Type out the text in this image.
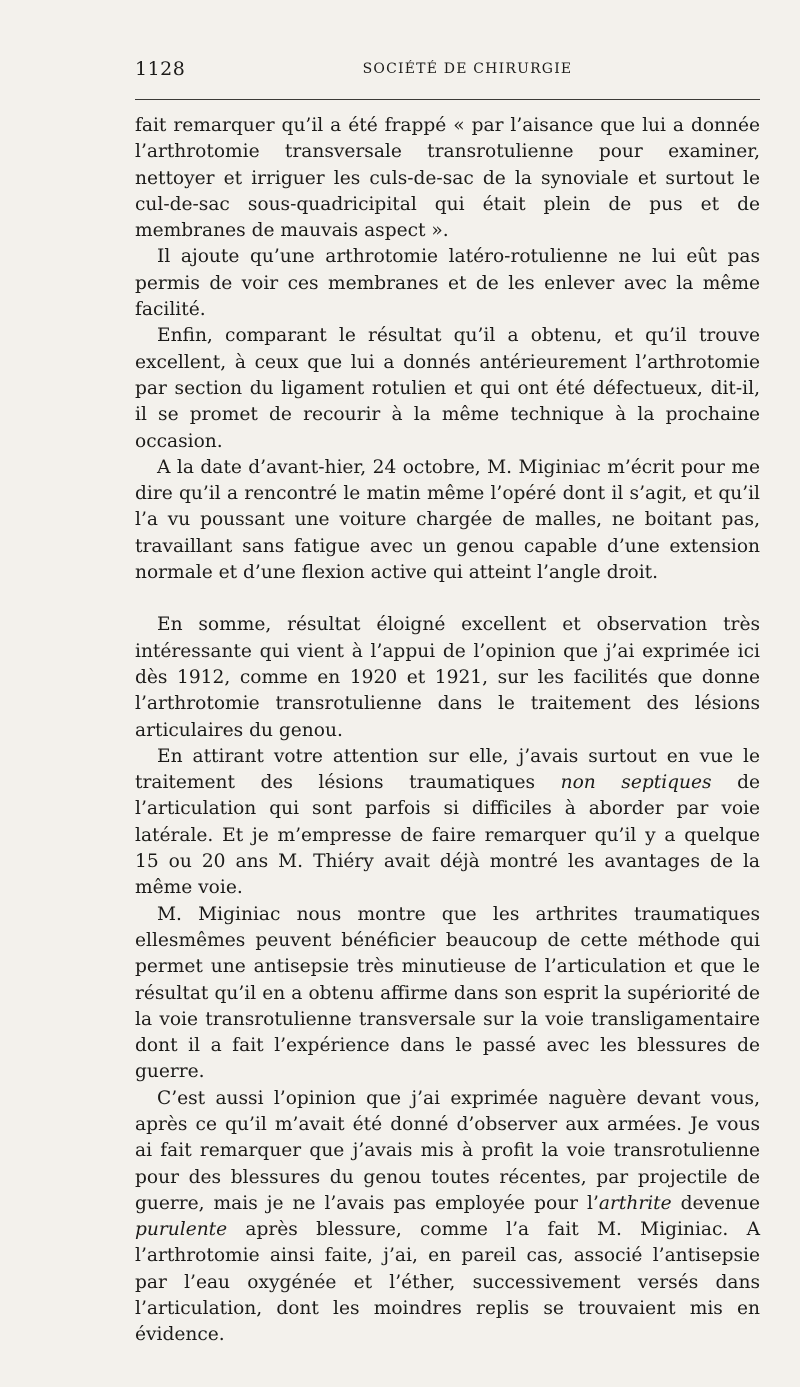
1128	SOCIÉTÉ DE CHIRURGIE

fait remarquer qu’il a été frappé « par l’aisance que lui a donnée l’arthrotomie transversale transrotulienne pour examiner, nettoyer et irriguer les culs-de-sac de la synoviale et surtout le cul-de-sac sous-quadricipital qui était plein de pus et de membranes de mauvais aspect ».

Il ajoute qu’une arthrotomie latéro-rotulienne ne lui eût pas permis de voir ces membranes et de les enlever avec la même facilité.

Enfin, comparant le résultat qu’il a obtenu, et qu’il trouve excellent, à ceux que lui a donnés antérieurement l’arthrotomie par section du ligament rotulien et qui ont été défectueux, dit-il, il se promet de recourir à la même technique à la prochaine occasion.

A la date d’avant-hier, 24 octobre, M. Miginiac m’écrit pour me dire qu’il a rencontré le matin même l’opéré dont il s’agit, et qu’il l’a vu poussant une voiture chargée de malles, ne boitant pas, travaillant sans fatigue avec un genou capable d’une extension normale et d’une flexion active qui atteint l’angle droit.

En somme, résultat éloigné excellent et observation très intéressante qui vient à l’appui de l’opinion que j’ai exprimée ici dès 1912, comme en 1920 et 1921, sur les facilités que donne l’arthrotomie transrotulienne dans le traitement des lésions articulaires du genou.

En attirant votre attention sur elle, j’avais surtout en vue le traitement des lésions traumatiques non septiques de l’articulation qui sont parfois si difficiles à aborder par voie latérale. Et je m’empresse de faire remarquer qu’il y a quelque 15 ou 20 ans M. Thiéry avait déjà montré les avantages de la même voie.

M. Miginiac nous montre que les arthrites traumatiques ellesmêmes peuvent bénéficier beaucoup de cette méthode qui permet une antisepsie très minutieuse de l’articulation et que le résultat qu’il en a obtenu affirme dans son esprit la supériorité de la voie transrotulienne transversale sur la voie transligamentaire dont il a fait l’expérience dans le passé avec les blessures de guerre.

C’est aussi l’opinion que j’ai exprimée naguère devant vous, après ce qu’il m’avait été donné d’observer aux armées. Je vous ai fait remarquer que j’avais mis à profit la voie transrotulienne pour des blessures du genou toutes récentes, par projectile de guerre, mais je ne l’avais pas employée pour l’arthrite devenue purulente après blessure, comme l’a fait M. Miginiac. A l’arthrotomie ainsi faite, j’ai, en pareil cas, associé l’antisepsie par l’eau oxygénée et l’éther, successivement versés dans l’articulation, dont les moindres replis se trouvaient mis en évidence.
